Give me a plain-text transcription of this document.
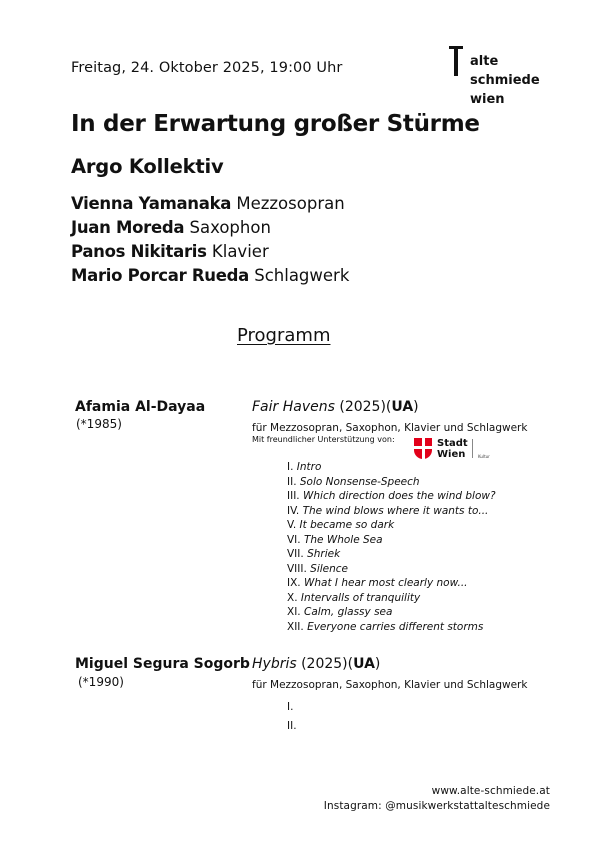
Freitag, 24. Oktober 2025, 19:00 Uhr	alte
schmiede
wien
In der Erwartung großer Stürme
Argo Kollektiv
Vienna Yamanaka Mezzosopran
Juan Moreda Saxophon
Panos Nikitaris Klavier
Mario Porcar Rueda Schlagwerk
Programm
Afamia Al-Dayaa
(*1985)
Fair Havens (2025)(UA)
für Mezzosopran, Saxophon, Klavier und Schlagwerk
Mit freundlicher Unterstützung von:	Stadt
Wien	Kultur
I. Intro
II. Solo Nonsense-Speech
III. Which direction does the wind blow?
IV. The wind blows where it wants to...
V. It became so dark
VI. The Whole Sea
VII. Shriek
VIII. Silence
IX. What I hear most clearly now...
X. Intervalls of tranquility
XI. Calm, glassy sea
XII. Everyone carries different storms
Miguel Segura Sogorb
(*1990)
Hybris (2025)(UA)
für Mezzosopran, Saxophon, Klavier und Schlagwerk
I.
II.
www.alte-schmiede.at
Instagram: @musikwerkstattalteschmiede
